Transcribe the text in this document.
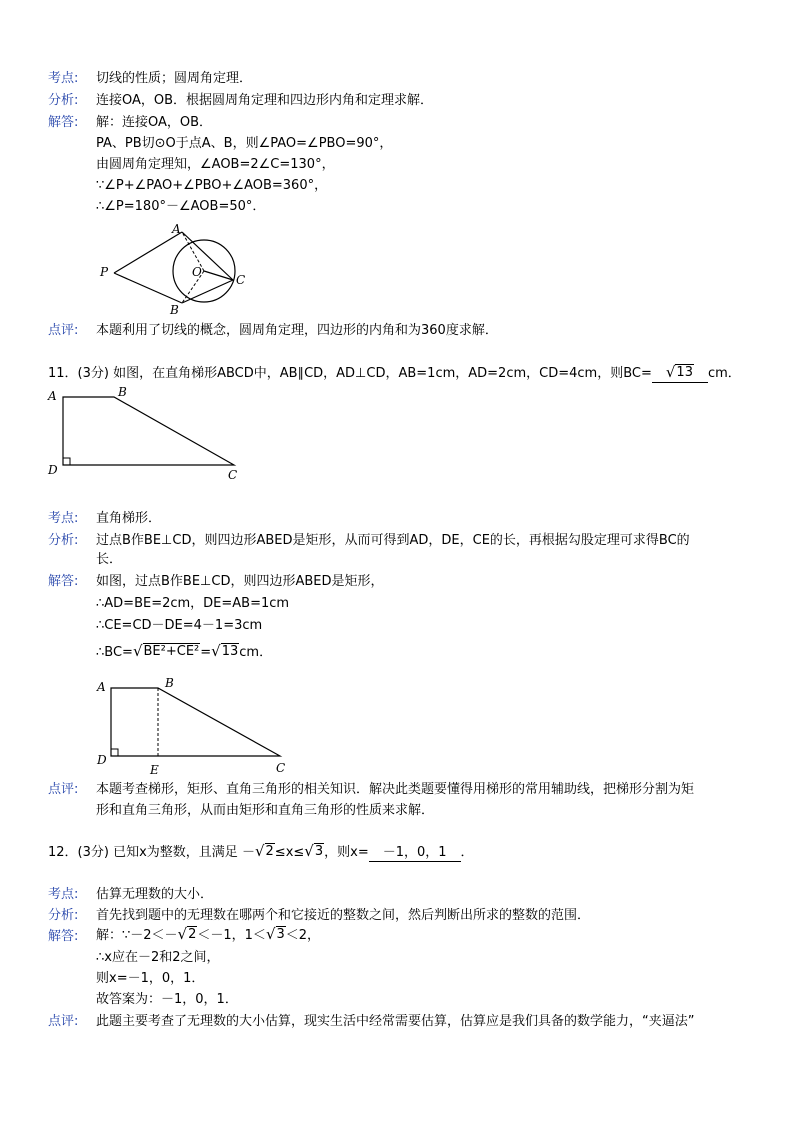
考点: 切线的性质；圆周角定理．
分析: 连接OA，OB．根据圆周角定理和四边形内角和定理求解．
解答: 解：连接OA，OB．
PA、PB切⊙O于点A、B，则∠PAO=∠PBO=90°，
由圆周角定理知，∠AOB=2∠C=130°，
∵∠P+∠PAO+∠PBO+∠AOB=360°，
∴∠P=180°－∠AOB=50°．
A
B
C
O
P
点评: 本题利用了切线的概念，圆周角定理，四边形的内角和为360度求解．
11．(3分) 如图，在直角梯形ABCD中，AB∥CD，AD⊥CD，AB=1cm，AD=2cm，CD=4cm，则BC= √ 13 cm．
A	B
C
D
考点: 直角梯形．
分析: 过点B作BE⊥CD，则四边形ABED是矩形，从而可得到AD，DE，CE的长，再根据勾股定理可求得BC的
长．
解答: 如图，过点B作BE⊥CD，则四边形ABED是矩形，
∴AD=BE=2cm，DE=AB=1cm
∴CE=CD－DE=4－1=3cm
∴BC= √ BE²+CE² = √ 13 cm．
A	B
C
D
E
点评: 本题考查梯形，矩形、直角三角形的相关知识．解决此类题要懂得用梯形的常用辅助线，把梯形分割为矩
形和直角三角形，从而由矩形和直角三角形的性质来求解．
12．(3分) 已知x为整数，且满足 － √ 2 ≤x≤ √ 3 ，则x= －1，0，1 ．
考点: 估算无理数的大小．
分析: 首先找到题中的无理数在哪两个和它接近的整数之间，然后判断出所求的整数的范围．
解答: 解：∵－2＜－ √ 2 ＜－1，1＜ √ 3 ＜2，
∴x应在－2和2之间，
则x=－1，0，1．
故答案为：－1，0，1．
点评: 此题主要考查了无理数的大小估算，现实生活中经常需要估算，估算应是我们具备的数学能力，“夹逼法”
